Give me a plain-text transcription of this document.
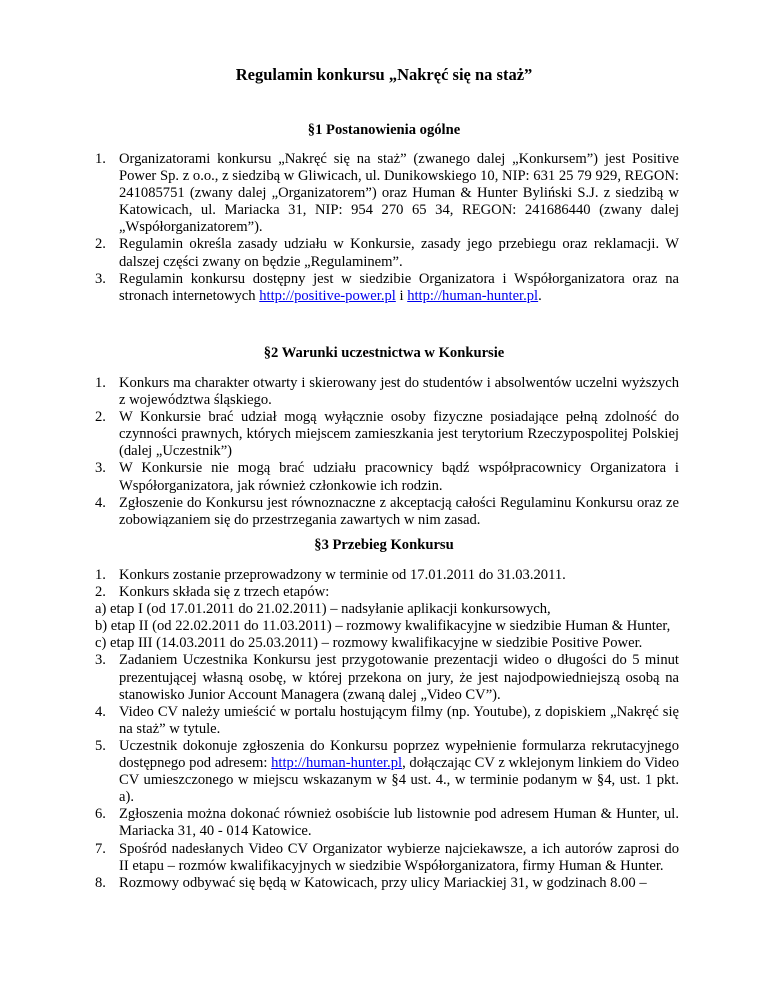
Regulamin konkursu „Nakręć się na staż”
§1 Postanowienia ogólne

1. Organizatorami konkursu „Nakręć się na staż” (zwanego dalej „Konkursem”) jest Positive Power Sp. z o.o., z siedzibą w Gliwicach, ul. Dunikowskiego 10, NIP: 631 25 79 929, REGON: 241085751 (zwany dalej „Organizatorem”) oraz Human & Hunter Byliński S.J. z siedzibą w Katowicach, ul. Mariacka 31, NIP: 954 270 65 34, REGON: 241686440 (zwany dalej „Współorganizatorem”).

2. Regulamin określa zasady udziału w Konkursie, zasady jego przebiegu oraz reklamacji. W dalszej części zwany on będzie „Regulaminem”.

3. Regulamin konkursu dostępny jest w siedzibie Organizatora i Współorganizatora oraz na stronach internetowych http://positive-power.pl i http://human-hunter.pl.

§2 Warunki uczestnictwa w Konkursie

1. Konkurs ma charakter otwarty i skierowany jest do studentów i absolwentów uczelni wyższych z województwa śląskiego.

2. W Konkursie brać udział mogą wyłącznie osoby fizyczne posiadające pełną zdolność do czynności prawnych, których miejscem zamieszkania jest terytorium Rzeczypospolitej Polskiej (dalej „Uczestnik”)

3. W Konkursie nie mogą brać udziału pracownicy bądź współpracownicy Organizatora i Współorganizatora, jak również członkowie ich rodzin.

4. Zgłoszenie do Konkursu jest równoznaczne z akceptacją całości Regulaminu Konkursu oraz ze zobowiązaniem się do przestrzegania zawartych w nim zasad.

§3 Przebieg Konkursu

1. Konkurs zostanie przeprowadzony w terminie od 17.01.2011 do 31.03.2011.

2. Konkurs składa się z trzech etapów:

a) etap I (od 17.01.2011 do 21.02.2011) – nadsyłanie aplikacji konkursowych,

b) etap II (od 22.02.2011 do 11.03.2011) – rozmowy kwalifikacyjne w siedzibie Human & Hunter,

c) etap III (14.03.2011 do 25.03.2011) – rozmowy kwalifikacyjne w siedzibie Positive Power.

3. Zadaniem Uczestnika Konkursu jest przygotowanie prezentacji wideo o długości do 5 minut prezentującej własną osobę, w której przekona on jury, że jest najodpowiedniejszą osobą na stanowisko Junior Account Managera (zwaną dalej „Video CV”).

4. Video CV należy umieścić w portalu hostującym filmy (np. Youtube), z dopiskiem „Nakręć się na staż” w tytule.

5. Uczestnik dokonuje zgłoszenia do Konkursu poprzez wypełnienie formularza rekrutacyjnego dostępnego pod adresem: http://human-hunter.pl, dołączając CV z wklejonym linkiem do Video CV umieszczonego w miejscu wskazanym w §4 ust. 4., w terminie podanym w §4, ust. 1 pkt. a).

6. Zgłoszenia można dokonać również osobiście lub listownie pod adresem Human & Hunter, ul. Mariacka 31, 40 - 014 Katowice.

7. Spośród nadesłanych Video CV Organizator wybierze najciekawsze, a ich autorów zaprosi do II etapu – rozmów kwalifikacyjnych w siedzibie Współorganizatora, firmy Human & Hunter.

8. Rozmowy odbywać się będą w Katowicach, przy ulicy Mariackiej 31, w godzinach 8.00 –
